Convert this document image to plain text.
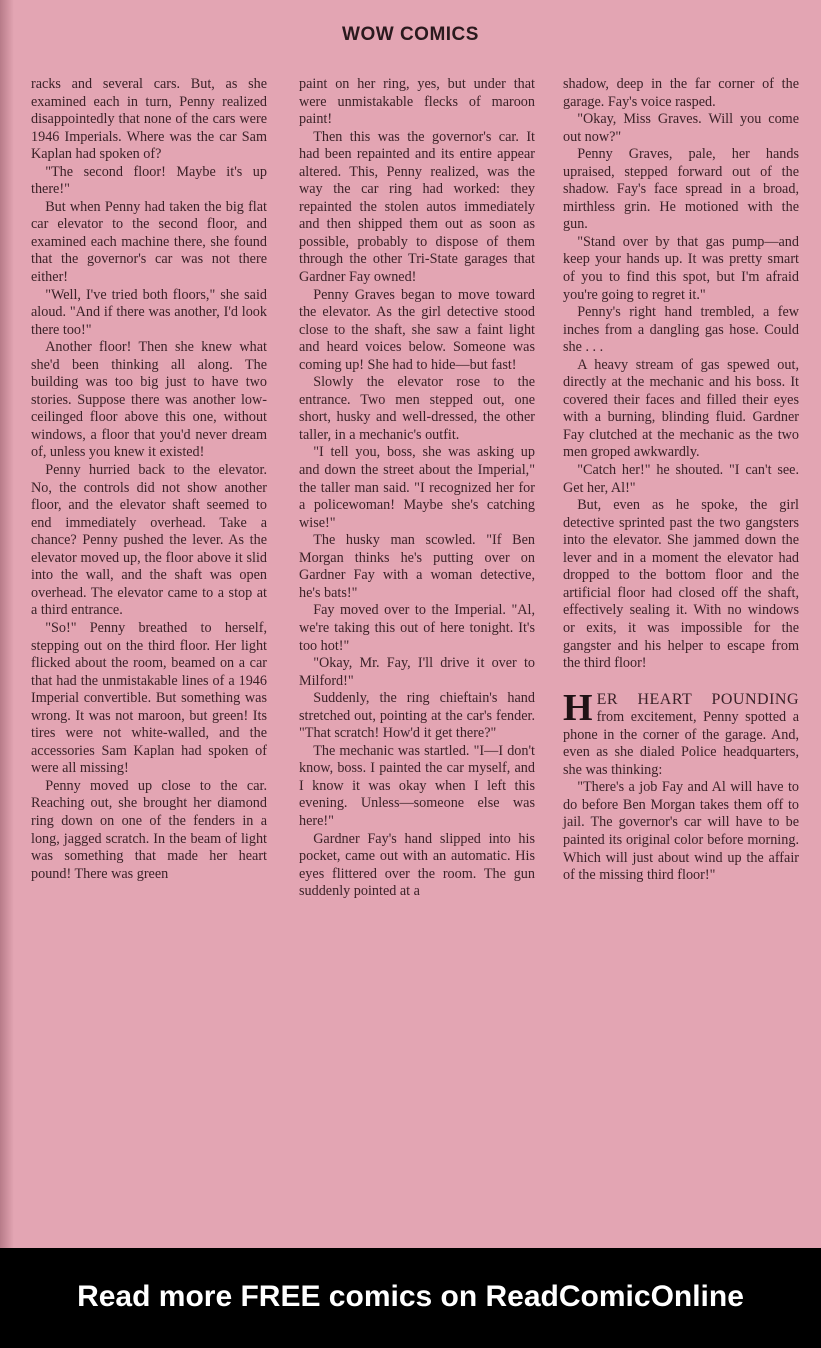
WOW COMICS

racks and several cars. But, as she examined each in turn, Penny realized disappointedly that none of the cars were 1946 Imperials. Where was the car Sam Kaplan had spoken of?

"The second floor! Maybe it's up there!"

But when Penny had taken the big flat car elevator to the second floor, and examined each machine there, she found that the governor's car was not there either!

"Well, I've tried both floors," she said aloud. "And if there was another, I'd look there too!"

Another floor! Then she knew what she'd been thinking all along. The building was too big just to have two stories. Suppose there was another low-ceilinged floor above this one, without windows, a floor that you'd never dream of, unless you knew it existed!

Penny hurried back to the elevator. No, the controls did not show another floor, and the elevator shaft seemed to end immediately overhead. Take a chance? Penny pushed the lever. As the elevator moved up, the floor above it slid into the wall, and the shaft was open overhead. The elevator came to a stop at a third entrance.

"So!" Penny breathed to herself, stepping out on the third floor. Her light flicked about the room, beamed on a car that had the unmistakable lines of a 1946 Imperial convertible. But something was wrong. It was not maroon, but green! Its tires were not white-walled, and the accessories Sam Kaplan had spoken of were all missing!

Penny moved up close to the car. Reaching out, she brought her diamond ring down on one of the fenders in a long, jagged scratch. In the beam of light was something that made her heart pound! There was green

paint on her ring, yes, but under that were unmistakable flecks of maroon paint!

Then this was the governor's car. It had been repainted and its entire appear altered. This, Penny realized, was the way the car ring had worked: they repainted the stolen autos immediately and then shipped them out as soon as possible, probably to dispose of them through the other Tri-State garages that Gardner Fay owned!

Penny Graves began to move toward the elevator. As the girl detective stood close to the shaft, she saw a faint light and heard voices below. Someone was coming up! She had to hide—but fast!

Slowly the elevator rose to the entrance. Two men stepped out, one short, husky and well-dressed, the other taller, in a mechanic's outfit.

"I tell you, boss, she was asking up and down the street about the Imperial," the taller man said. "I recognized her for a policewoman! Maybe she's catching wise!"

The husky man scowled. "If Ben Morgan thinks he's putting over on Gardner Fay with a woman detective, he's bats!"

Fay moved over to the Imperial. "Al, we're taking this out of here tonight. It's too hot!"

"Okay, Mr. Fay, I'll drive it over to Milford!"

Suddenly, the ring chieftain's hand stretched out, pointing at the car's fender. "That scratch! How'd it get there?"

The mechanic was startled. "I—I don't know, boss. I painted the car myself, and I know it was okay when I left this evening. Unless—someone else was here!"

Gardner Fay's hand slipped into his pocket, came out with an automatic. His eyes flittered over the room. The gun suddenly pointed at a

shadow, deep in the far corner of the garage. Fay's voice rasped.

"Okay, Miss Graves. Will you come out now?"

Penny Graves, pale, her hands upraised, stepped forward out of the shadow. Fay's face spread in a broad, mirthless grin. He motioned with the gun.

"Stand over by that gas pump—and keep your hands up. It was pretty smart of you to find this spot, but I'm afraid you're going to regret it."

Penny's right hand trembled, a few inches from a dangling gas hose. Could she . . .

A heavy stream of gas spewed out, directly at the mechanic and his boss. It covered their faces and filled their eyes with a burning, blinding fluid. Gardner Fay clutched at the mechanic as the two men groped awkwardly.

"Catch her!" he shouted. "I can't see. Get her, Al!"

But, even as he spoke, the girl detective sprinted past the two gangsters into the elevator. She jammed down the lever and in a moment the elevator had dropped to the bottom floor and the artificial floor had closed off the shaft, effectively sealing it. With no windows or exits, it was impossible for the gangster and his helper to escape from the third floor!

HER HEART POUNDING from excitement, Penny spotted a phone in the corner of the garage. And, even as she dialed Police headquarters, she was thinking:

"There's a job Fay and Al will have to do before Ben Morgan takes them off to jail. The governor's car will have to be painted its original color before morning. Which will just about wind up the affair of the missing third floor!"

Read more FREE comics on ReadComicOnline
